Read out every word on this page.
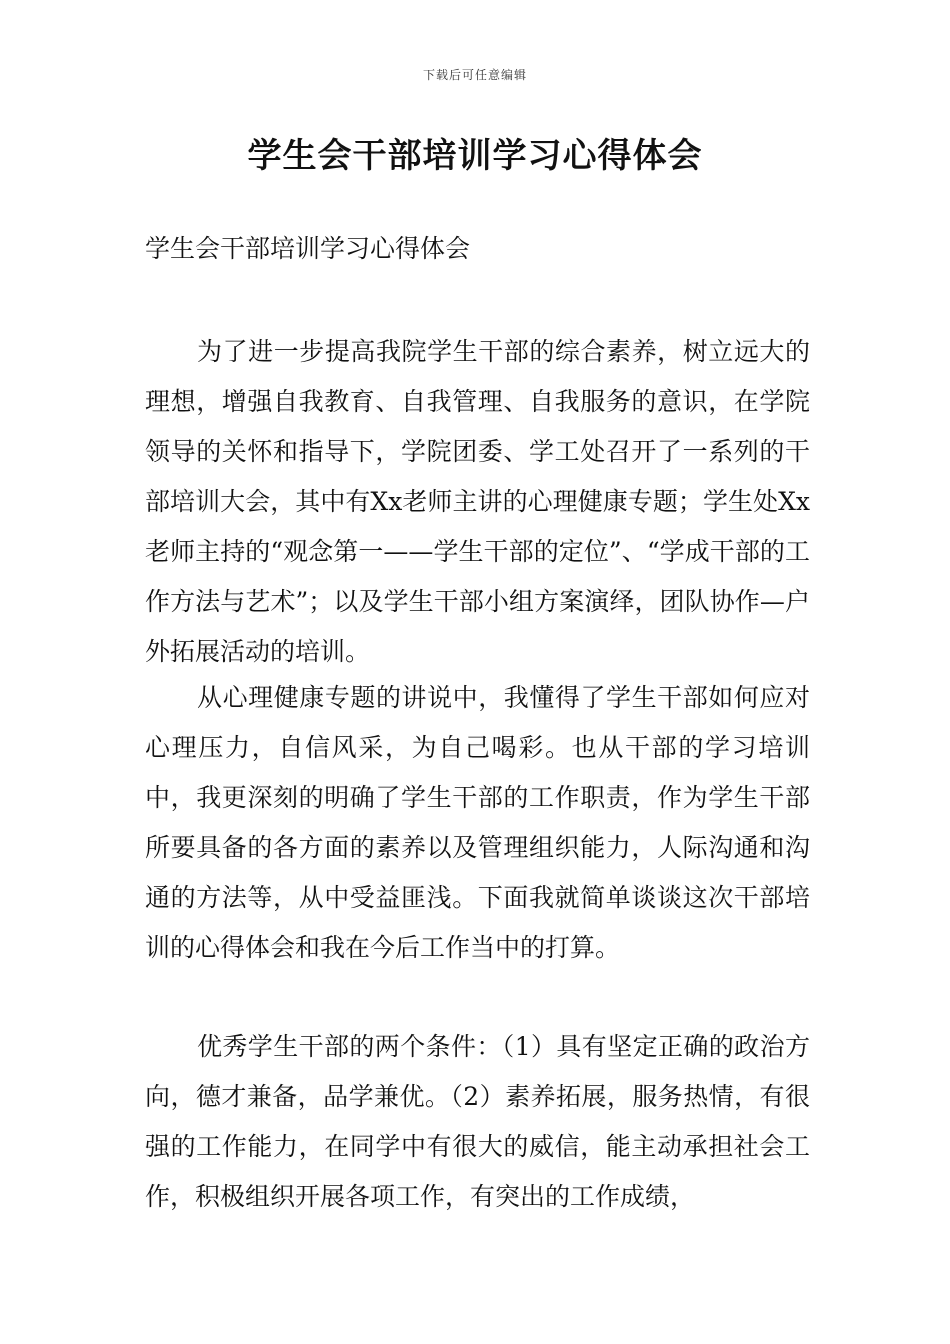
下载后可任意编辑
学生会干部培训学习心得体会

学生会干部培训学习心得体会

为了进一步提高我院学生干部的综合素养，树立远大的理想，增强自我教育、自我管理、自我服务的意识，在学院领导的关怀和指导下，学院团委、学工处召开了一系列的干部培训大会，其中有Xx老师主讲的心理健康专题；学生处Xx老师主持的“观念第一——学生干部的定位”、“学成干部的工作方法与艺术”；以及学生干部小组方案演绎，团队协作—户外拓展活动的培训。

从心理健康专题的讲说中，我懂得了学生干部如何应对心理压力，自信风采，为自己喝彩。也从干部的学习培训中，我更深刻的明确了学生干部的工作职责，作为学生干部所要具备的各方面的素养以及管理组织能力，人际沟通和沟通的方法等，从中受益匪浅。下面我就简单谈谈这次干部培训的心得体会和我在今后工作当中的打算。

优秀学生干部的两个条件：（1）具有坚定正确的政治方向，德才兼备，品学兼优。（2）素养拓展，服务热情，有很强的工作能力，在同学中有很大的威信，能主动承担社会工作，积极组织开展各项工作，有突出的工作成绩，
